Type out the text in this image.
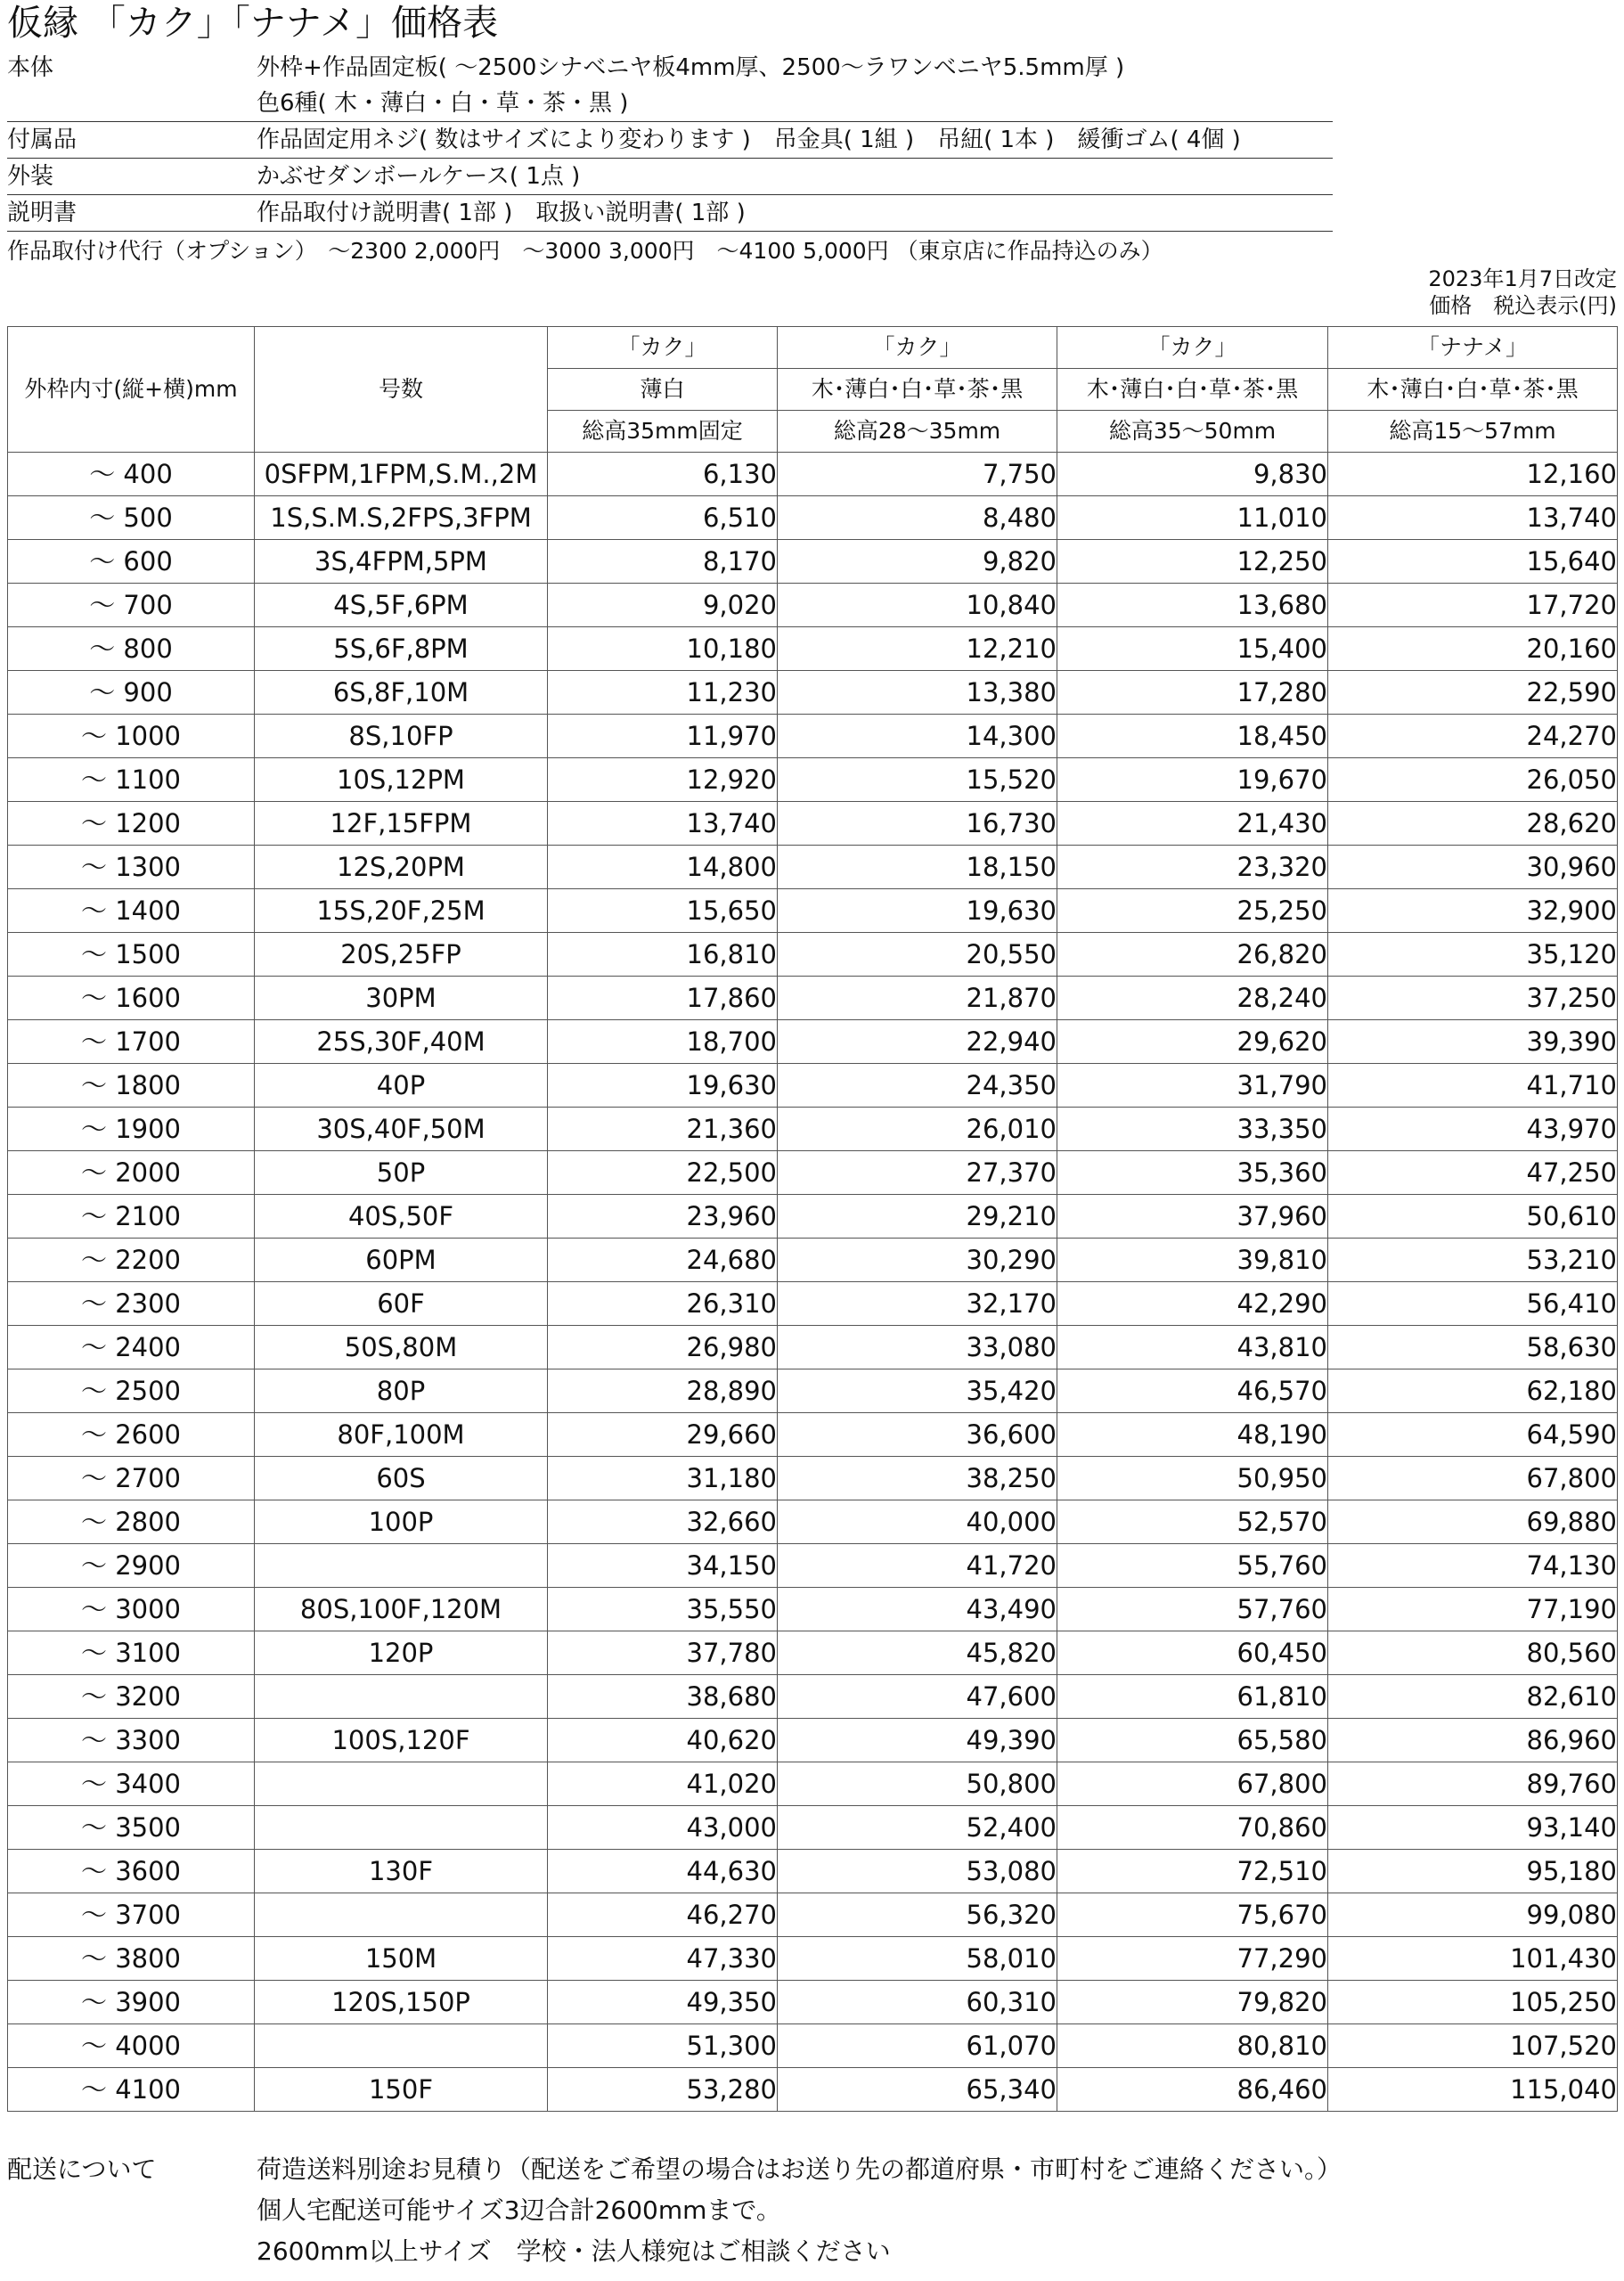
仮縁 「カク」「ナナメ」価格表
本体	外枠+作品固定板( 〜2500シナベニヤ板4mm厚、2500〜ラワンベニヤ5.5mm厚 )
色6種( 木・薄白・白・草・茶・黒 )
付属品	作品固定用ネジ( 数はサイズにより変わります )　吊金具( 1組 )　吊紐( 1本 )　緩衝ゴム( 4個 )
外装	かぶせダンボールケース( 1点 )
説明書	作品取付け説明書( 1部 )　取扱い説明書( 1部 )
作品取付け代行（オプション）　〜2300 2,000円　〜3000 3,000円　〜4100 5,000円 （東京店に作品持込のみ）
2023年1月7日改定
価格　税込表示(円)
外枠内寸(縦+横)mm	号数	「カク」	「カク」	「カク」	「ナナメ」
		薄白	木･薄白･白･草･茶･黒	木･薄白･白･草･茶･黒	木･薄白･白･草･茶･黒
		総高35mm固定	総高28〜35mm	総高35〜50mm	総高15〜57mm
〜 400	0SFPM,1FPM,S.M.,2M	6,130	7,750	9,830	12,160
〜 500	1S,S.M.S,2FPS,3FPM	6,510	8,480	11,010	13,740
〜 600	3S,4FPM,5PM	8,170	9,820	12,250	15,640
〜 700	4S,5F,6PM	9,020	10,840	13,680	17,720
〜 800	5S,6F,8PM	10,180	12,210	15,400	20,160
〜 900	6S,8F,10M	11,230	13,380	17,280	22,590
〜 1000	8S,10FP	11,970	14,300	18,450	24,270
〜 1100	10S,12PM	12,920	15,520	19,670	26,050
〜 1200	12F,15FPM	13,740	16,730	21,430	28,620
〜 1300	12S,20PM	14,800	18,150	23,320	30,960
〜 1400	15S,20F,25M	15,650	19,630	25,250	32,900
〜 1500	20S,25FP	16,810	20,550	26,820	35,120
〜 1600	30PM	17,860	21,870	28,240	37,250
〜 1700	25S,30F,40M	18,700	22,940	29,620	39,390
〜 1800	40P	19,630	24,350	31,790	41,710
〜 1900	30S,40F,50M	21,360	26,010	33,350	43,970
〜 2000	50P	22,500	27,370	35,360	47,250
〜 2100	40S,50F	23,960	29,210	37,960	50,610
〜 2200	60PM	24,680	30,290	39,810	53,210
〜 2300	60F	26,310	32,170	42,290	56,410
〜 2400	50S,80M	26,980	33,080	43,810	58,630
〜 2500	80P	28,890	35,420	46,570	62,180
〜 2600	80F,100M	29,660	36,600	48,190	64,590
〜 2700	60S	31,180	38,250	50,950	67,800
〜 2800	100P	32,660	40,000	52,570	69,880
〜 2900		34,150	41,720	55,760	74,130
〜 3000	80S,100F,120M	35,550	43,490	57,760	77,190
〜 3100	120P	37,780	45,820	60,450	80,560
〜 3200		38,680	47,600	61,810	82,610
〜 3300	100S,120F	40,620	49,390	65,580	86,960
〜 3400		41,020	50,800	67,800	89,760
〜 3500		43,000	52,400	70,860	93,140
〜 3600	130F	44,630	53,080	72,510	95,180
〜 3700		46,270	56,320	75,670	99,080
〜 3800	150M	47,330	58,010	77,290	101,430
〜 3900	120S,150P	49,350	60,310	79,820	105,250
〜 4000		51,300	61,070	80,810	107,520
〜 4100	150F	53,280	65,340	86,460	115,040
配送について	荷造送料別途お見積り（配送をご希望の場合はお送り先の都道府県・市町村をご連絡ください。）
個人宅配送可能サイズ3辺合計2600mmまで。
2600mm以上サイズ　学校・法人様宛はご相談ください
